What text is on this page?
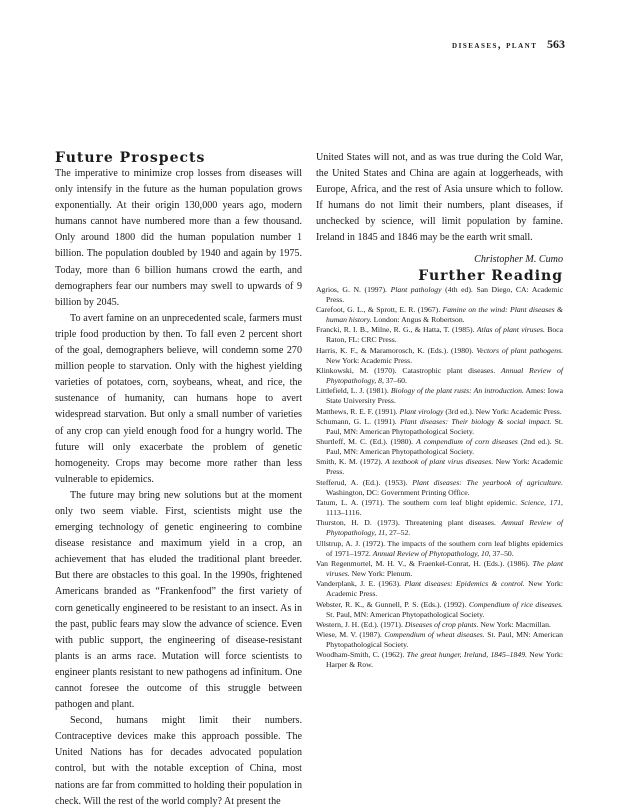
diseases, plant 563
Future Prospects

The imperative to minimize crop losses from diseases will only intensify in the future as the human population grows exponentially. At their origin 130,000 years ago, modern humans cannot have numbered more than a few thousand. Only around 1800 did the human population number 1 billion. The population doubled by 1940 and again by 1975. Today, more than 6 billion humans crowd the earth, and demographers fear our numbers may swell to upwards of 9 billion by 2045.

To avert famine on an unprecedented scale, farmers must triple food production by then. To fall even 2 percent short of the goal, demographers believe, will condemn some 270 million people to starvation. Only with the highest yielding varieties of potatoes, corn, soybeans, wheat, and rice, the sustenance of humanity, can humans hope to avert widespread starvation. But only a small number of varieties of any crop can yield enough food for a hungry world. The future will only exacerbate the problem of genetic homogeneity. Crops may become more rather than less vulnerable to epidemics.

The future may bring new solutions but at the moment only two seem viable. First, scientists might use the emerging technology of genetic engineering to combine disease resistance and maximum yield in a crop, an achievement that has eluded the traditional plant breeder. But there are obstacles to this goal. In the 1990s, frightened Americans branded as “Frankenfood” the first variety of corn genetically engineered to be resistant to an insect. As in the past, public fears may slow the advance of science. Even with public support, the engineering of disease-resistant plants is an arms race. Mutation will force scientists to engineer plants resistant to new pathogens ad infinitum. One cannot foresee the outcome of this struggle between pathogen and plant.

Second, humans might limit their numbers. Contraceptive devices make this approach possible. The United Nations has for decades advocated population control, but with the notable exception of China, most nations are far from committed to holding their population in check. Will the rest of the world comply? At present the

United States will not, and as was true during the Cold War, the United States and China are again at loggerheads, with Europe, Africa, and the rest of Asia unsure which to follow. If humans do not limit their numbers, plant diseases, if unchecked by science, will limit population by famine. Ireland in 1845 and 1846 may be the earth writ small.

Christopher M. Cumo
Further Reading
Agrios, G. N. (1997). Plant pathology (4th ed). San Diego, CA: Academic Press.
Carefoot, G. L., & Sprott, E. R. (1967). Famine on the wind: Plant diseases & human history. London: Angus & Robertson.
Francki, R. I. B., Milne, R. G., & Hatta, T. (1985). Atlas of plant viruses. Boca Raton, FL: CRC Press.
Harris, K. F., & Maramorosch, K. (Eds.). (1980). Vectors of plant pathogens. New York: Academic Press.
Klinkowski, M. (1970). Catastrophic plant diseases. Annual Review of Phytopathology, 8, 37–60.
Littlefield, L. J. (1981). Biology of the plant rusts: An introduction. Ames: Iowa State University Press.
Matthews, R. E. F. (1991). Plant virology (3rd ed.). New York: Academic Press.
Schumann, G. L. (1991). Plant diseases: Their biology & social impact. St. Paul, MN: American Phytopathological Society.
Shurtleff, M. C. (Ed.). (1980). A compendium of corn diseases (2nd ed.). St. Paul, MN: American Phytopathological Society.
Smith, K. M. (1972). A textbook of plant virus diseases. New York: Academic Press.
Stefferud, A. (Ed.). (1953). Plant diseases: The yearbook of agriculture. Washington, DC: Government Printing Office.
Tatum, L. A. (1971). The southern corn leaf blight epidemic. Science, 171, 1113–1116.
Thurston, H. D. (1973). Threatening plant diseases. Annual Review of Phytopathology, 11, 27–52.
Ullstrup, A. J. (1972). The impacts of the southern corn leaf blights epidemics of 1971–1972. Annual Review of Phytopathology, 10, 37–50.
Van Regenmortel, M. H. V., & Fraenkel-Conrat, H. (Eds.). (1986). The plant viruses. New York: Plenum.
Vanderplank, J. E. (1963). Plant diseases: Epidemics & control. New York: Academic Press.
Webster, R. K., & Gunnell, P. S. (Eds.). (1992). Compendium of rice diseases. St. Paul, MN: American Phytopathological Society.
Western, J. H. (Ed.). (1971). Diseases of crop plants. New York: Macmillan.
Wiese, M. V. (1987). Compendium of wheat diseases. St. Paul, MN: American Phytopathological Society.
Woodham-Smith, C. (1962). The great hunger, Ireland, 1845–1849. New York: Harper & Row.
